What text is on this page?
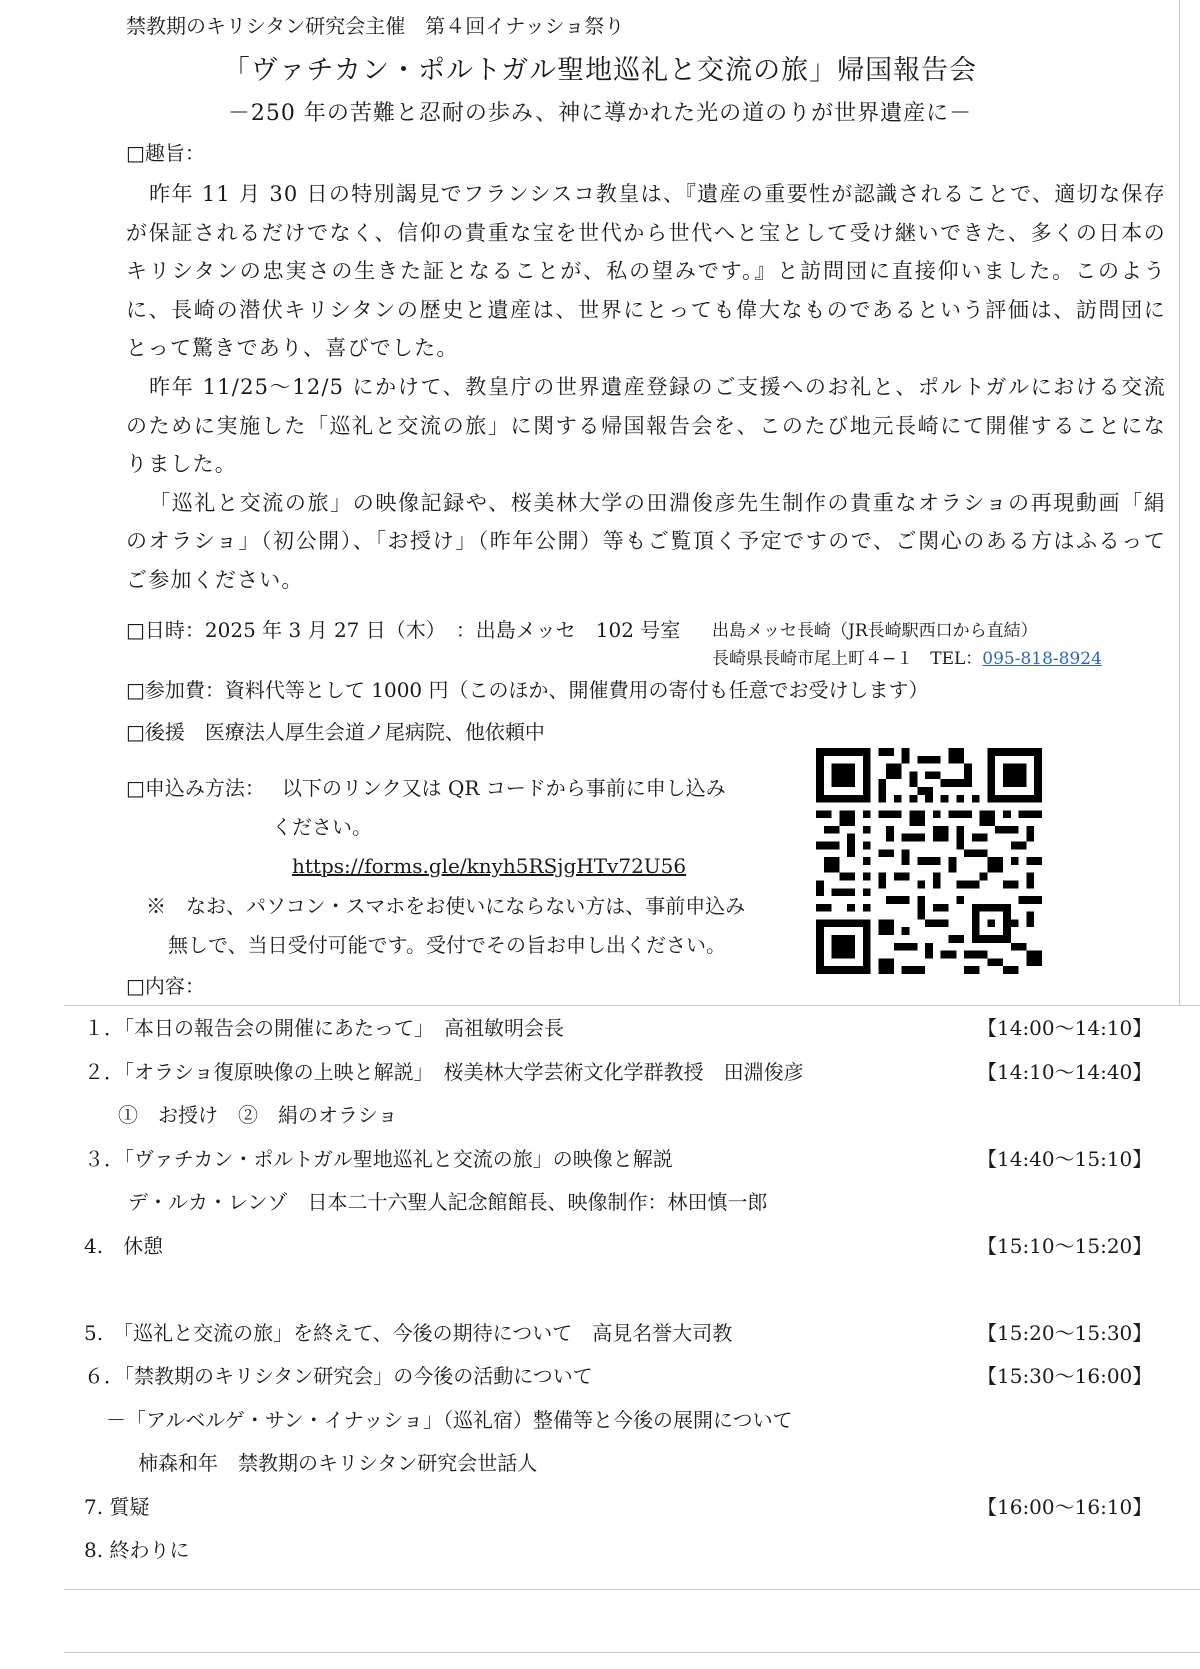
禁教期のキリシタン研究会主催　第４回イナッショ祭り
「ヴァチカン・ポルトガル聖地巡礼と交流の旅」帰国報告会
－250 年の苦難と忍耐の歩み、神に導かれた光の道のりが世界遺産に－
□趣旨：

昨年 11 月 30 日の特別謁見でフランシスコ教皇は、『遺産の重要性が認識されることで、適切な保存が保証されるだけでなく、信仰の貴重な宝を世代から世代へと宝として受け継いできた、多くの日本のキリシタンの忠実さの生きた証となることが、私の望みです。』と訪問団に直接仰いました。このように、長崎の潜伏キリシタンの歴史と遺産は、世界にとっても偉大なものであるという評価は、訪問団にとって驚きであり、喜びでした。

昨年 11/25〜12/5 にかけて、教皇庁の世界遺産登録のご支援へのお礼と、ポルトガルにおける交流のために実施した「巡礼と交流の旅」に関する帰国報告会を、このたび地元長崎にて開催することになりました。

「巡礼と交流の旅」の映像記録や、桜美林大学の田淵俊彦先生制作の貴重なオラショの再現動画「絹のオラショ」（初公開）、「お授け」（昨年公開）等もご覧頂く予定ですので、ご関心のある方はふるってご参加ください。

□日時：2025 年 3 月 27 日（木）　：出島メッセ　102 号室 出島メッセ長崎（JR長崎駅西口から直結）
長崎県長崎市尾上町４−１　TEL：095-818-8924
□参加費：資料代等として 1000 円（このほか、開催費用の寄付も任意でお受けします）
□後援　医療法人厚生会道ノ尾病院、他依頼中
□申込み方法： 以下のリンク又は QR コードから事前に申し込み
ください。
https://forms.gle/knyh5RSjgHTv72U56
※　なお、パソコン・スマホをお使いにならない方は、事前申込み
無しで、当日受付可能です。受付でその旨お申し出ください。
□内容：
１．「本日の報告会の開催にあたって」　高祖敏明会長	【14:00〜14:10】
２．「オラショ復原映像の上映と解説」　桜美林大学芸術文化学群教授　田淵俊彦	【14:10〜14:40】
①　お授け　②　絹のオラショ
３．「ヴァチカン・ポルトガル聖地巡礼と交流の旅」の映像と解説	【14:40〜15:10】
デ・ルカ・レンゾ　日本二十六聖人記念館館長、映像制作：林田慎一郎
4.　休憩	【15:10〜15:20】
5.　「巡礼と交流の旅」を終えて、今後の期待について　高見名誉大司教	【15:20〜15:30】
６．「禁教期のキリシタン研究会」の今後の活動について	【15:30〜16:00】
－「アルベルゲ・サン・イナッショ」（巡礼宿）整備等と今後の展開について
柿森和年　禁教期のキリシタン研究会世話人
7. 質疑	【16:00〜16:10】
8. 終わりに
